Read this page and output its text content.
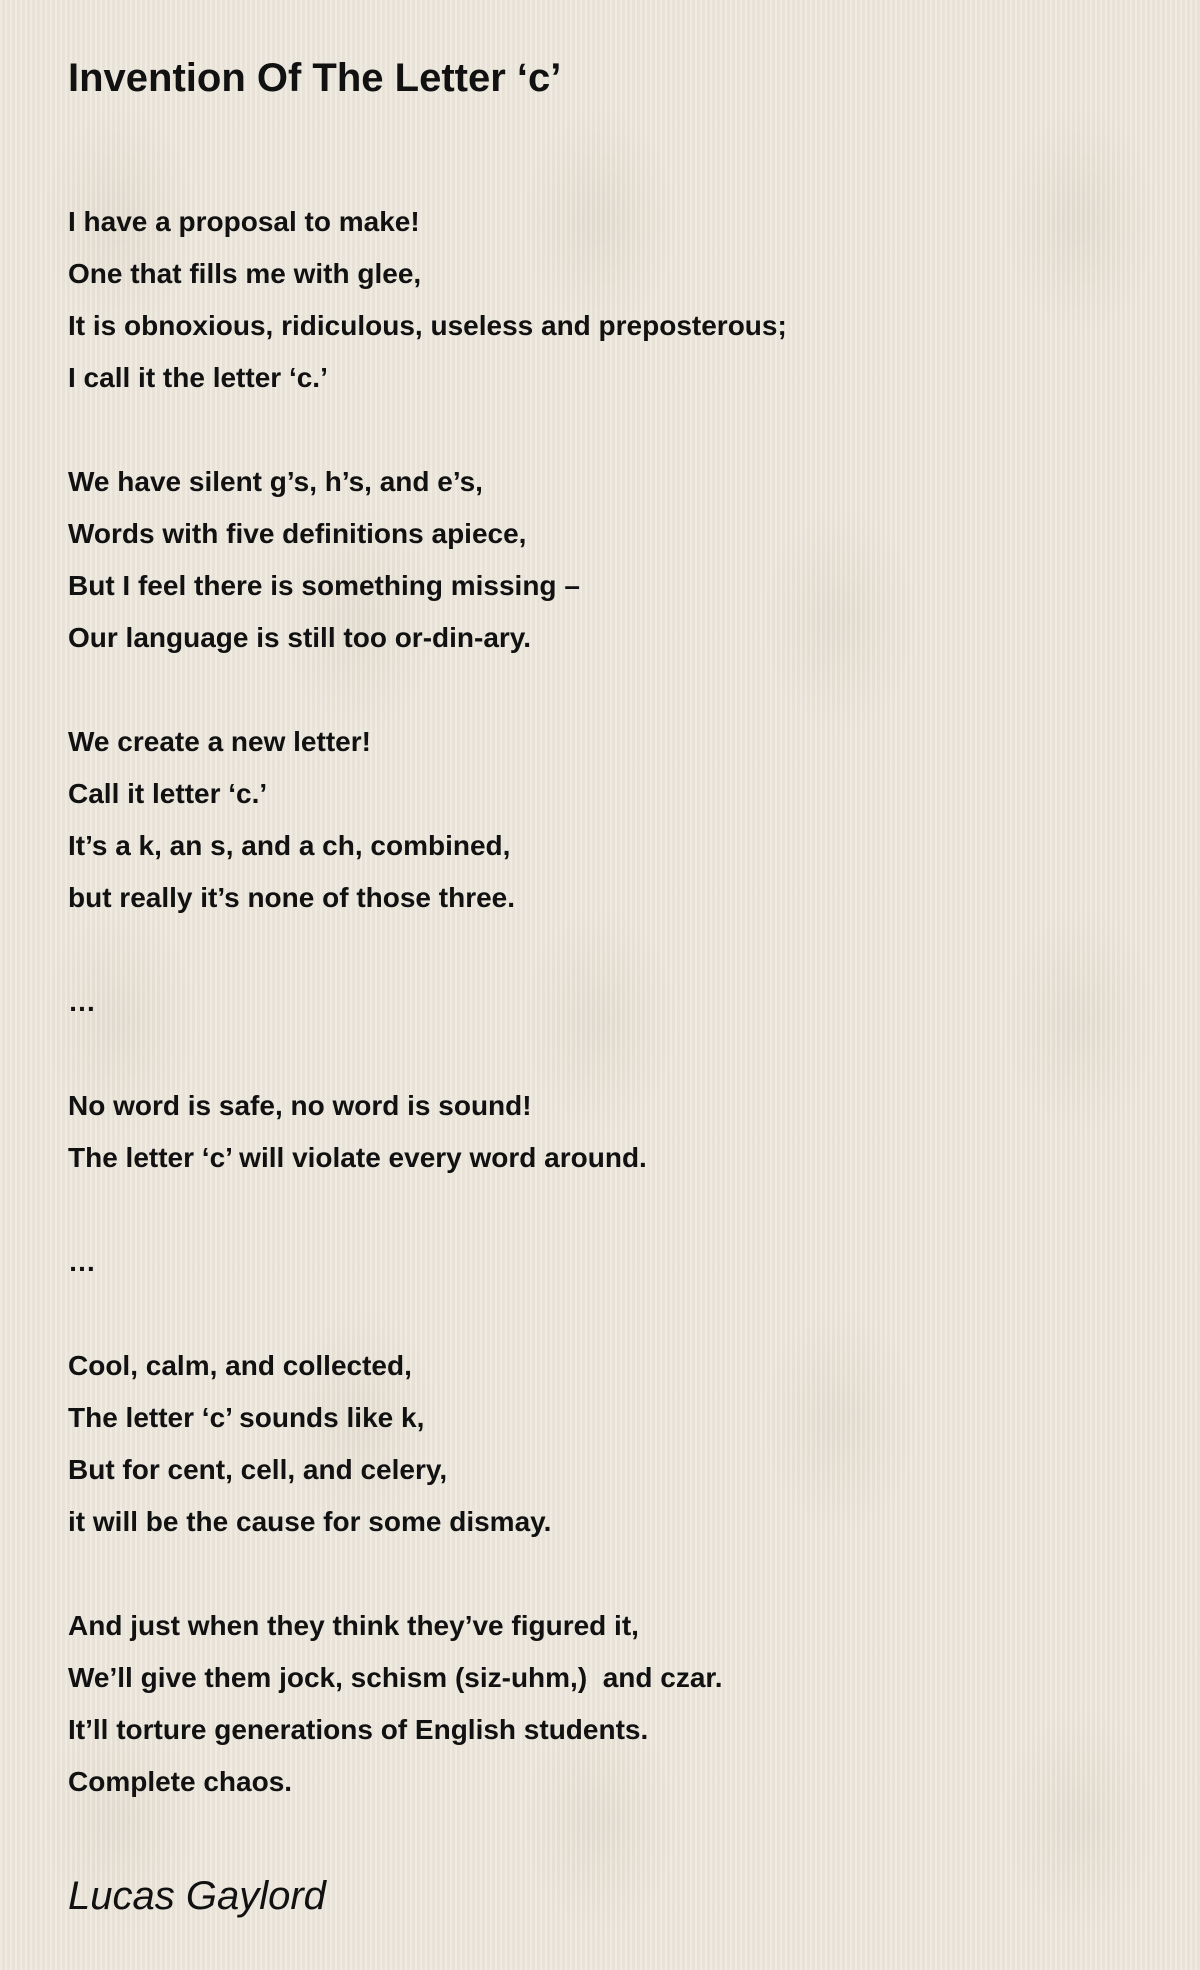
Invention Of The Letter ‘c’
I have a proposal to make!
One that fills me with glee,
It is obnoxious, ridiculous, useless and preposterous;
I call it the letter ‘c.’
We have silent g’s, h’s, and e’s,
Words with five definitions apiece,
But I feel there is something missing –
Our language is still too or-din-ary.
We create a new letter!
Call it letter ‘c.’
It’s a k, an s, and a ch, combined,
but really it’s none of those three.
…
No word is safe, no word is sound!
The letter ‘c’ will violate every word around.
…
Cool, calm, and collected,
The letter ‘c’ sounds like k,
But for cent, cell, and celery,
it will be the cause for some dismay.
And just when they think they’ve figured it,
We’ll give them jock, schism (siz-uhm,)  and czar.
It’ll torture generations of English students.
Complete chaos.
Lucas Gaylord
